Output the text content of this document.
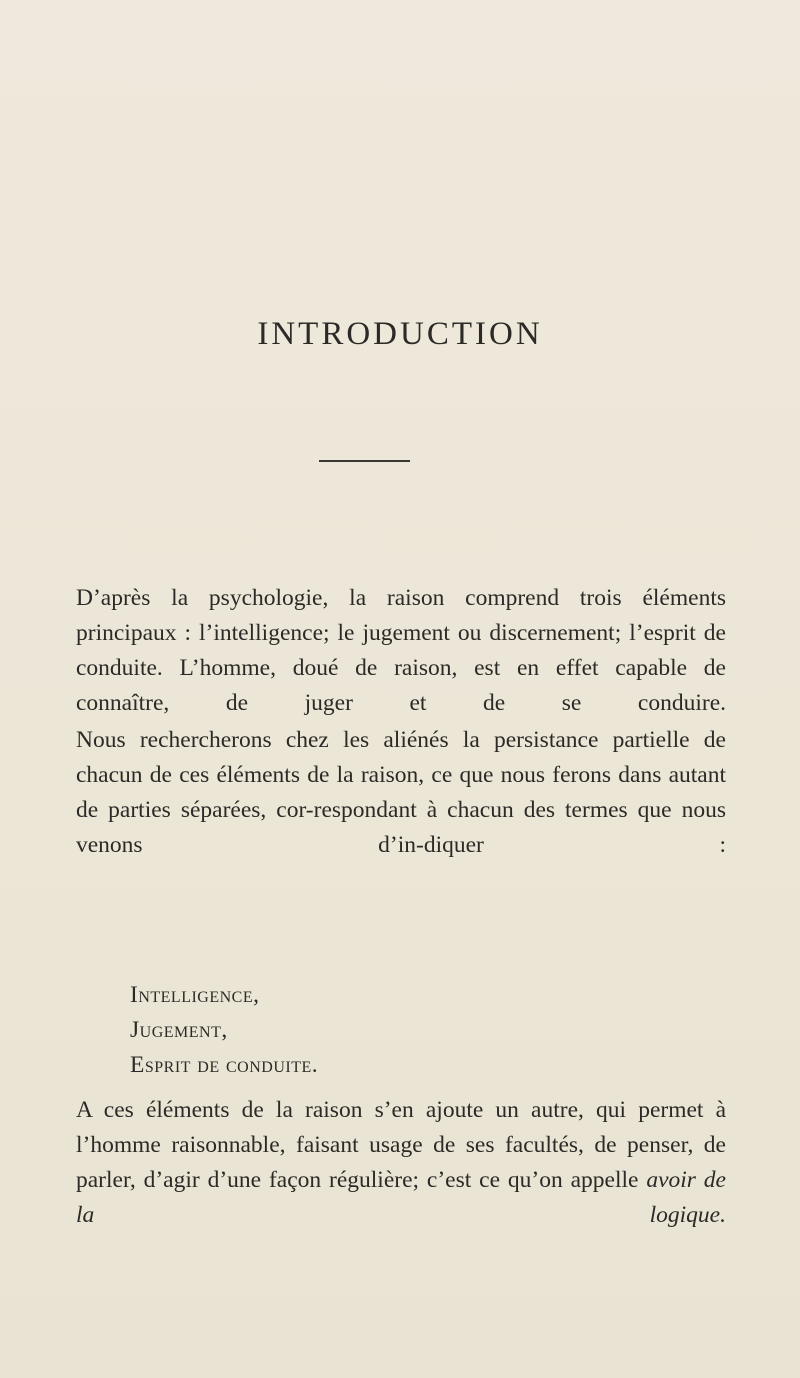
INTRODUCTION

D’après la psychologie, la raison comprend trois éléments principaux : l’intelligence; le jugement ou discernement; l’esprit de conduite. L’homme, doué de raison, est en effet capable de connaître, de juger et de se conduire.

Nous rechercherons chez les aliénés la persistance partielle de chacun de ces éléments de la raison, ce que nous ferons dans autant de parties séparées, cor-respondant à chacun des termes que nous venons d’in-diquer :

Intelligence,
Jugement,
Esprit de conduite.

A ces éléments de la raison s’en ajoute un autre, qui permet à l’homme raisonnable, faisant usage de ses facultés, de penser, de parler, d’agir d’une façon régulière; c’est ce qu’on appelle avoir de la logique.
